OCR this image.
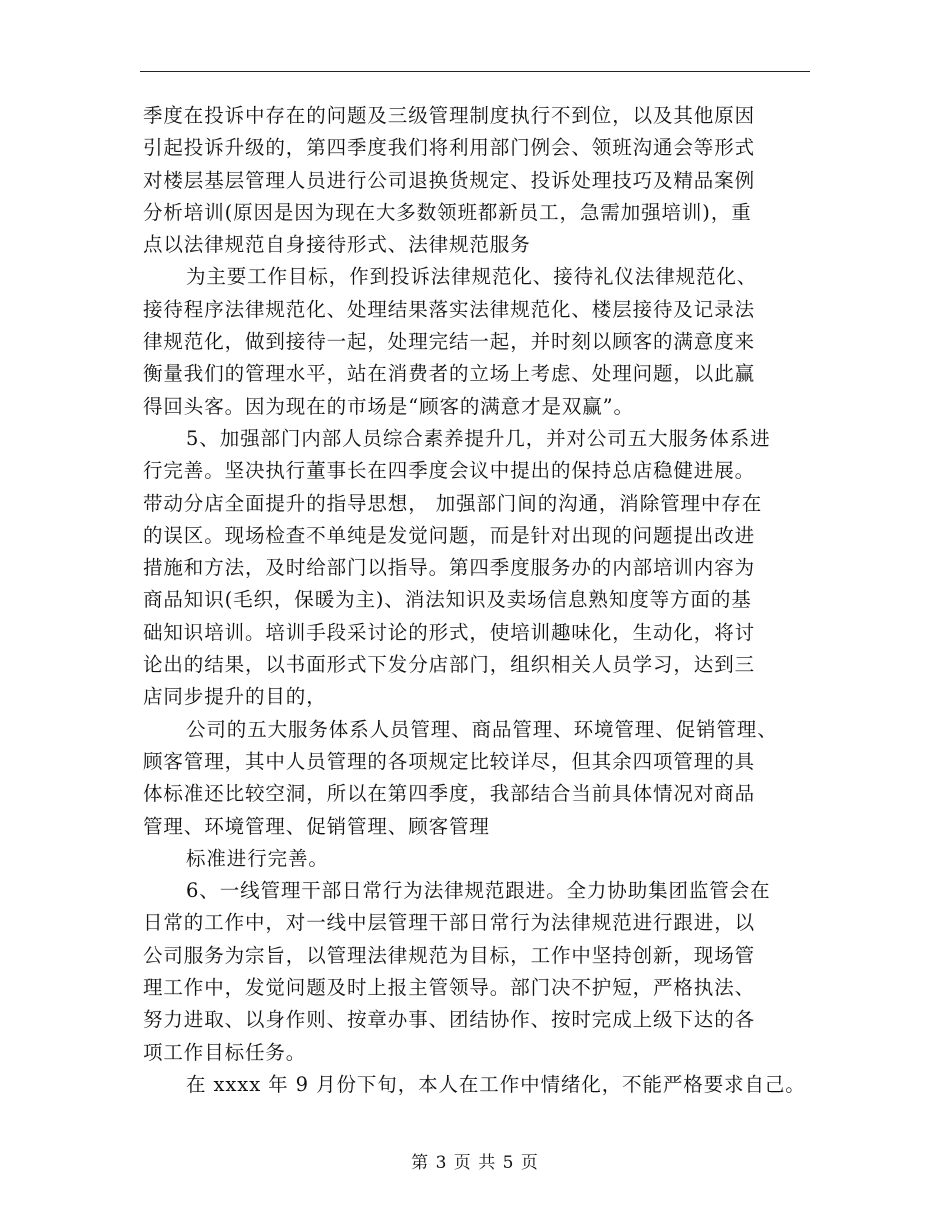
季度在投诉中存在的问题及三级管理制度执行不到位，以及其他原因
引起投诉升级的，第四季度我们将利用部门例会、领班沟通会等形式
对楼层基层管理人员进行公司退换货规定、投诉处理技巧及精品案例
分析培训(原因是因为现在大多数领班都新员工，急需加强培训)，重
点以法律规范自身接待形式、法律规范服务
为主要工作目标，作到投诉法律规范化、接待礼仪法律规范化、
接待程序法律规范化、处理结果落实法律规范化、楼层接待及记录法
律规范化，做到接待一起，处理完结一起，并时刻以顾客的满意度来
衡量我们的管理水平，站在消费者的立场上考虑、处理问题，以此赢
得回头客。因为现在的市场是“顾客的满意才是双赢”。
5、加强部门内部人员综合素养提升几，并对公司五大服务体系进
行完善。坚决执行董事长在四季度会议中提出的保持总店稳健进展。
带动分店全面提升的指导思想， 加强部门间的沟通，消除管理中存在
的误区。现场检查不单纯是发觉问题，而是针对出现的问题提出改进
措施和方法，及时给部门以指导。第四季度服务办的内部培训内容为
商品知识(毛织，保暖为主)、消法知识及卖场信息熟知度等方面的基
础知识培训。培训手段采讨论的形式，使培训趣味化，生动化，将讨
论出的结果，以书面形式下发分店部门，组织相关人员学习，达到三
店同步提升的目的，
公司的五大服务体系人员管理、商品管理、环境管理、促销管理、
顾客管理，其中人员管理的各项规定比较详尽，但其余四项管理的具
体标准还比较空洞，所以在第四季度，我部结合当前具体情况对商品
管理、环境管理、促销管理、顾客管理
标准进行完善。
6、一线管理干部日常行为法律规范跟进。全力协助集团监管会在
日常的工作中，对一线中层管理干部日常行为法律规范进行跟进，以
公司服务为宗旨，以管理法律规范为目标，工作中坚持创新，现场管
理工作中，发觉问题及时上报主管领导。部门决不护短，严格执法、
努力进取、以身作则、按章办事、团结协作、按时完成上级下达的各
项工作目标任务。
在 xxxx 年 9 月份下旬，本人在工作中情绪化，不能严格要求自己。
第 3 页 共 5 页
